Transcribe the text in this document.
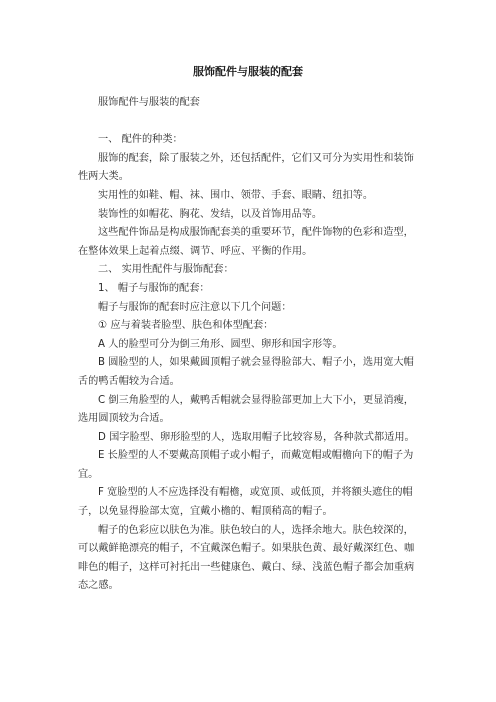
服饰配件与服装的配套

服饰配件与服装的配套

一、 配件的种类：

服饰的配套，除了服装之外，还包括配件，它们又可分为实用性和装饰性两大类。

实用性的如鞋、帽、袜、围巾、领带、手套、眼睛、纽扣等。

装饰性的如帽花、胸花、发结，以及首饰用品等。

这些配件饰品是构成服饰配套美的重要环节，配件饰物的色彩和造型，在整体效果上起着点缀、调节、呼应、平衡的作用。

二、 实用性配件与服饰配套：

1、 帽子与服饰的配套：

帽子与服饰的配套时应注意以下几个问题：

① 应与着装者脸型、肤色和体型配套：

A 人的脸型可分为倒三角形、圆型、卵形和国字形等。

B 圆脸型的人，如果戴圆顶帽子就会显得脸部大、帽子小，选用宽大帽舌的鸭舌帽较为合适。

C 倒三角脸型的人，戴鸭舌帽就会显得脸部更加上大下小，更显消瘦，选用圆顶较为合适。

D 国字脸型、卵形脸型的人，选取用帽子比较容易，各种款式都适用。

E 长脸型的人不要戴高顶帽子或小帽子，而戴宽帽或帽檐向下的帽子为宜。

F 宽脸型的人不应选择没有帽檐，或宽顶、或低顶，并将额头遮住的帽子，以免显得脸部太宽，宜戴小檐的、帽顶稍高的帽子。

帽子的色彩应以肤色为准。肤色较白的人，选择余地大。肤色较深的，可以戴鲜艳漂亮的帽子，不宜戴深色帽子。如果肤色黄、最好戴深红色、咖啡色的帽子，这样可衬托出一些健康色、戴白、绿、浅蓝色帽子都会加重病态之感。
